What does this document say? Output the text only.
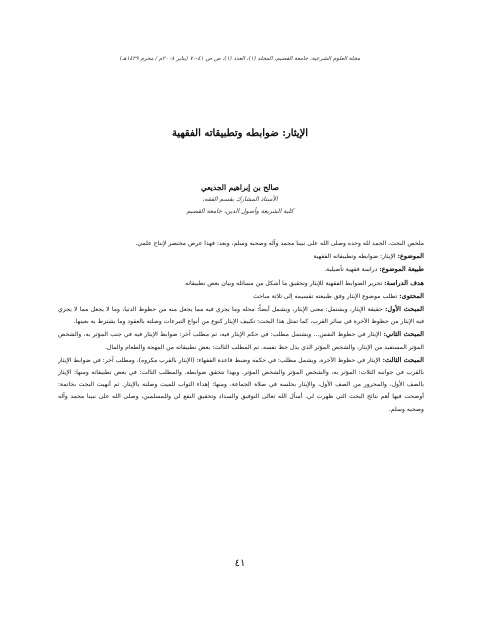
مجلة العلوم الشرعية، جامعة القصيم، المجلد (١)، العدد (١)، ص ص ٤١-٧٠ (يناير ٢٠٠٨م / محرم ١٤٢٩هـ)
الإيثار: ضوابطه وتطبيقاته الفقهية
صالح بن إبراهيم الجديعي
الأستاذ المشارك بقسم الفقه،
كلية الشريعة وأصول الدين، جامعة القصيم

ملخص البحث. الحمد لله وحده وصلى الله على نبينا محمد وآله وصحبه وسلم، وبعد: فهذا عرض مختصر لإنتاج علمي.

الموضوع: الإيثار: ضوابطه وتطبيقاته الفقهية

طبيعة الموضوع: دراسة فقهية تأصيلية.

هدف الدراسة: تحرير الضوابط الفقهية للإيثار وتحقيق ما أشكل من مسائله وبيان بعض تطبيقاته

المحتوى: تطلب موضوع الإيثار وفق طبيعته تقسيمه إلى ثلاثة مباحث

المبحث الأول: حقيقة الإيثار، ويشتمل: معنى الإيثار، ويشمل أيضاً: محله وما يجري فيه مما يجعل منه من حظوظ الدنيا، وما لا يجعل مما لا يجري فيه الإيثار من حظوظ الآخرة في سائر القرب، كما تمثل هذا البحث: تكييف الإيثار كنوع من أنواع التبرعات وصلته بالعقود وما يشترط به بعينها.

المبحث الثاني: الإيثار في حظوظ النفس... ويشتمل مطلب: في حكم الإيثار فيه، ثم مطلب آخر: ضوابط الإيثار فيه في جنب المؤثر به، والشخص المؤثر المستفيد من الإيثار، والشخص المؤثر الذي يذل حظ نفسه. ثم المطلب الثالث: بعض تطبيقاته من المهجة والطعام والمال.

المبحث الثالث: الإيثار في حظوظ الآخرة. ويشمل مطلب: في حكمه وضبط قاعدة الفقهاء: (الإيثار بالقرب مكروه)، ومطلب آخر: في ضوابط الإيثار بالقرب في جوانبه الثلاث: المؤثر به، والشخص المؤثر والشخص المؤثر. وبهذا تتحقق ضوابطه. والمطلب الثالث: في بعض تطبيقاته ومنها: الإيثار بالصف الأول، والمحرور من الصف الأول، والإيثار بحلسه في صلاة الجماعة، ومنها: إهداء الثواب للميت وصلته بالإيثار. ثم أنهيت البحث بخاتمة: أوضحت فيها أهم نتائج البحث التي ظهرت لي. أسأل الله تعالى التوفيق والسداد وتحقيق النفع لي وللمسلمين، وصلى الله على نبينا محمد وآله وصحبه وسلم.

٤١
